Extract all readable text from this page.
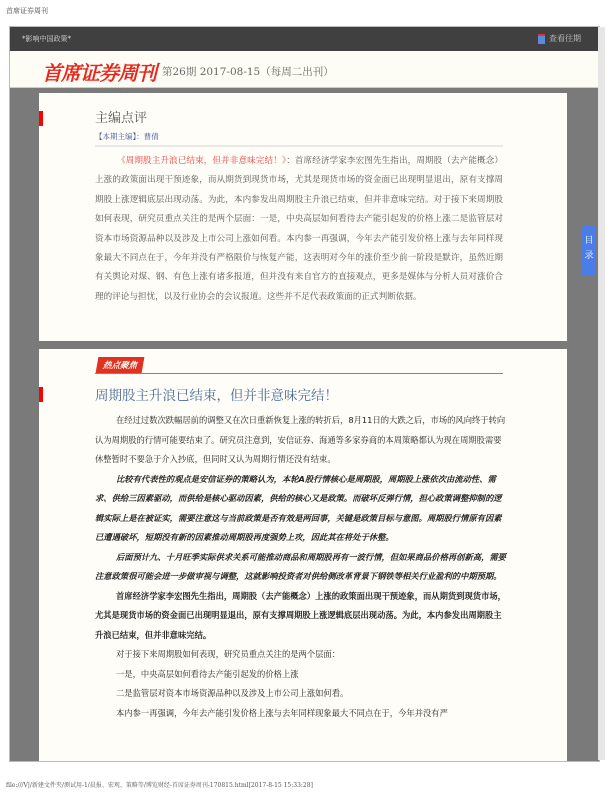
首席证券周刊
*影响中国政策*	查看往期
首席证券周刊 第26期 2017-08-15（每周二出刊）
主编点评
【本期主编】：曹倩
《周期股主升浪已结束，但并非意味完结！》：首席经济学家李宏图先生指出，周期股（去产能概念）上涨的政策面出现干预迹象，而从期货到现货市场，尤其是现货市场的资金面已出现明显退出，原有支撑周期股上涨逻辑底层出现动荡。为此，本内参发出周期股主升浪已结束，但并非意味完结。对于接下来周期股如何表现，研究员重点关注的是两个层面：一是，中央高层如何看待去产能引起发的价格上涨二是监管层对资本市场资源品种以及涉及上市公司上涨如何看。本内参一再强调，今年去产能引发价格上涨与去年同样现象最大不同点在于，今年并没有严格限价与恢复产能，这表明对今年的涨价至少前一阶段是默许，虽然近期有关舆论对煤、钢、有色上涨有诸多报道，但并没有来自官方的直接观点，更多是媒体与分析人员对涨价合理的评论与担忧，以及行业协会的会议报道。这些并不足代表政策面的正式判断依据。
热点聚焦
周期股主升浪已结束，但并非意味完结！

在经过过数次跌幅居前的调整又在次日重新恢复上涨的转折后，8月11日的大跌之后，市场的风向终于转向认为周期股的行情可能要结束了。研究员注意到，安信证券、海通等多家券商的本周策略都认为现在周期股需要休整暂时不要急于介入抄底，但同时又认为周期行情还没有结束。

比较有代表性的观点是安信证券的策略认为，本轮A股行情核心是周期股，周期股上涨依次由流动性、需求、供给三因素驱动，而供给是核心驱动因素，供给的核心又是政策。而破坏反弹行情，担心政策调整抑制的逻辑实际上是在被证实，需要注意这与当前政策是否有效是两回事，关键是政策目标与意图。周期股行情原有因素已遭遇破坏，短期没有新的因素推动周期股再度强势上攻，因此其在将处于休整。

后面预计九、十月旺季实际供求关系可能推动商品和周期股再有一波行情，但如果商品价格再创新高，需要注意政策很可能会进一步做审视与调整，这就影响投资者对供给侧改革背景下钢铁等相关行业盈利的中期预期。

首席经济学家李宏图先生指出，周期股（去产能概念）上涨的政策面出现干预迹象，而从期货到现货市场，尤其是现货市场的资金面已出现明显退出，原有支撑周期股上涨逻辑底层出现动荡。为此，本内参发出周期股主升浪已结束，但并非意味完结。

对于接下来周期股如何表现，研究员重点关注的是两个层面：

一是，中央高层如何看待去产能引起发的价格上涨

二是监管层对资本市场资源品种以及涉及上市公司上涨如何看。

本内参一再强调，今年去产能引发价格上涨与去年同样现象最大不同点在于，今年并没有严

目
录
file:///V|/新建文件夹/测试用-1/晨报、宏观、策略等/博览财经-首席证券周刊-170815.html[2017-8-15 15:33:28]
